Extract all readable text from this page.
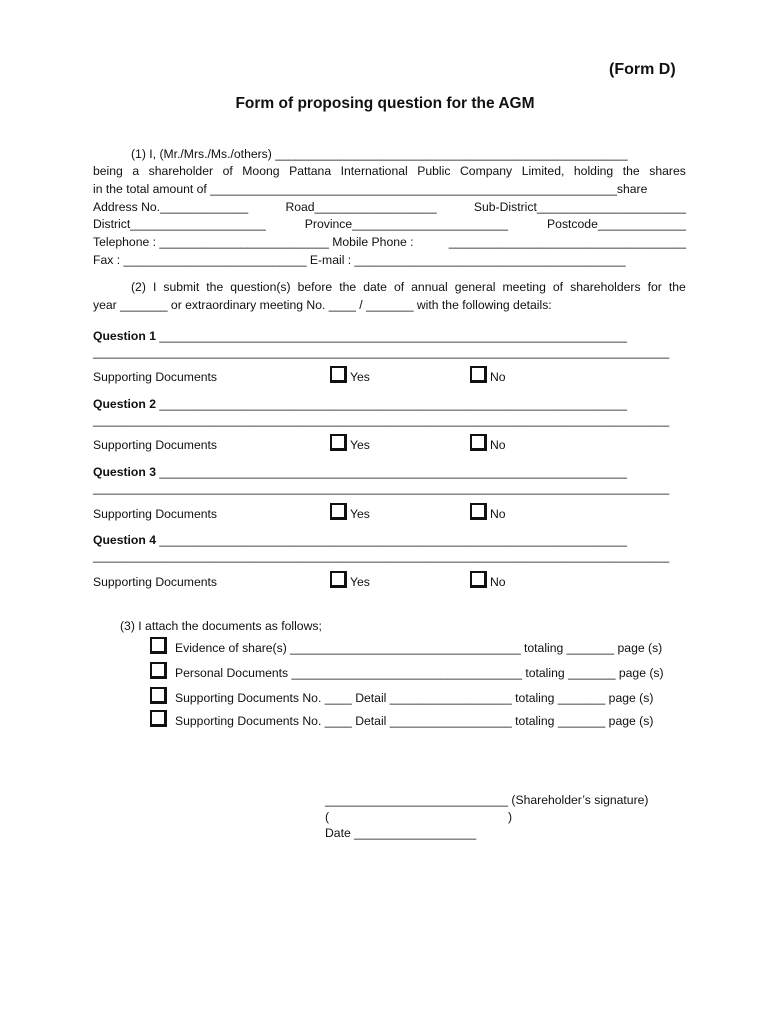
(Form D)
Form of proposing question for the AGM
(1) I, (Mr./Mrs./Ms./others) ____________________________________________________
being a shareholder of Moong Pattana International Public Company Limited, holding the shares
in the total amount of ____________________________________________________________share
Address No._____________	Road__________________	Sub-District______________________
District____________________	Province_______________________	Postcode_____________
Telephone : _________________________ Mobile Phone :	___________________________________
Fax : ___________________________ E-mail : ________________________________________
(2) I submit the question(s) before the date of annual general meeting of shareholders for the
year _______ or extraordinary meeting No. ____ / _______ with the following details:
Question 1 _____________________________________________________________________
_____________________________________________________________________________________
Supporting Documents	Yes	No
Question 2 _____________________________________________________________________
_____________________________________________________________________________________
Supporting Documents	Yes	No
Question 3 _____________________________________________________________________
_____________________________________________________________________________________
Supporting Documents	Yes	No
Question 4 _____________________________________________________________________
_____________________________________________________________________________________
Supporting Documents	Yes	No
(3) I attach the documents as follows;
Evidence of share(s) __________________________________ totaling _______ page (s)
Personal Documents __________________________________ totaling _______ page (s)
Supporting Documents No. ____ Detail __________________ totaling _______ page (s)
Supporting Documents No. ____ Detail __________________ totaling _______ page (s)
___________________________ (Shareholder’s signature)
(	)
Date __________________
